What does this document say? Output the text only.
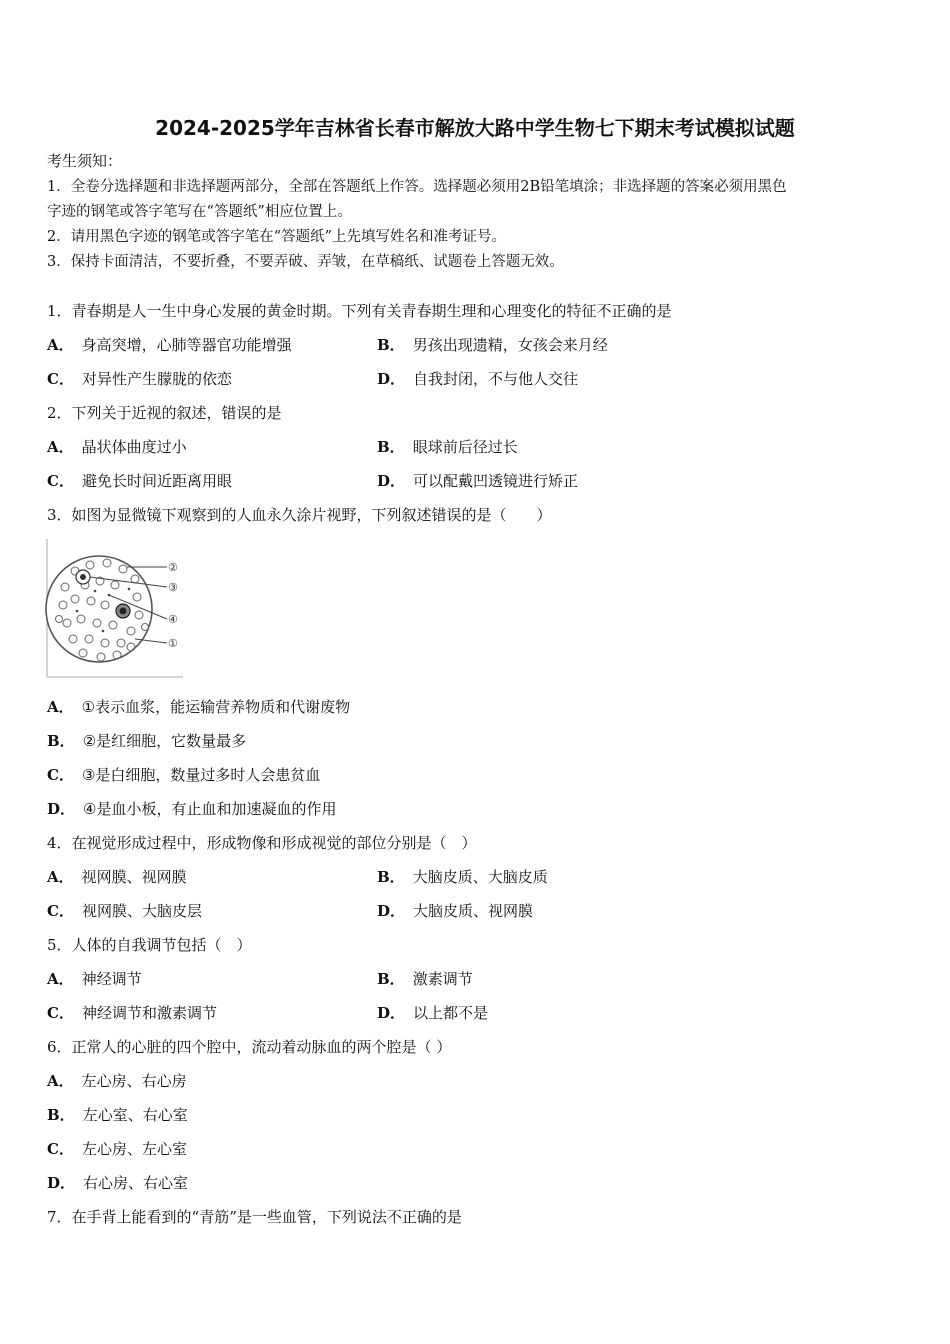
2024-2025学年吉林省长春市解放大路中学生物七下期末考试模拟试题
考生须知：
1．全卷分选择题和非选择题两部分，全部在答题纸上作答。选择题必须用2B铅笔填涂；非选择题的答案必须用黑色
字迹的钢笔或答字笔写在“答题纸”相应位置上。
2．请用黑色字迹的钢笔或答字笔在“答题纸”上先填写姓名和准考证号。
3．保持卡面清洁，不要折叠，不要弄破、弄皱，在草稿纸、试题卷上答题无效。
1．青春期是人一生中身心发展的黄金时期。下列有关青春期生理和心理变化的特征不正确的是
A． 身高突增，心肺等器官功能增强	B． 男孩出现遗精，女孩会来月经
C． 对异性产生朦胧的依恋	D． 自我封闭，不与他人交往
2．下列关于近视的叙述，错误的是
A． 晶状体曲度过小	B． 眼球前后径过长
C． 避免长时间近距离用眼	D． 可以配戴凹透镜进行矫正
3．如图为显微镜下观察到的人血永久涂片视野，下列叙述错误的是（　　）
②
③
④
①
A． ①表示血浆，能运输营养物质和代谢废物
B． ②是红细胞，它数量最多
C． ③是白细胞，数量过多时人会患贫血
D． ④是血小板，有止血和加速凝血的作用
4．在视觉形成过程中，形成物像和形成视觉的部位分别是（　）
A． 视网膜、视网膜	B． 大脑皮质、大脑皮质
C． 视网膜、大脑皮层	D． 大脑皮质、视网膜
5．人体的自我调节包括（　）
A． 神经调节	B． 激素调节
C． 神经调节和激素调节	D． 以上都不是
6．正常人的心脏的四个腔中，流动着动脉血的两个腔是（ ）
A． 左心房、右心房
B． 左心室、右心室
C． 左心房、左心室
D． 右心房、右心室
7．在手背上能看到的“青筋”是一些血管，下列说法不正确的是
